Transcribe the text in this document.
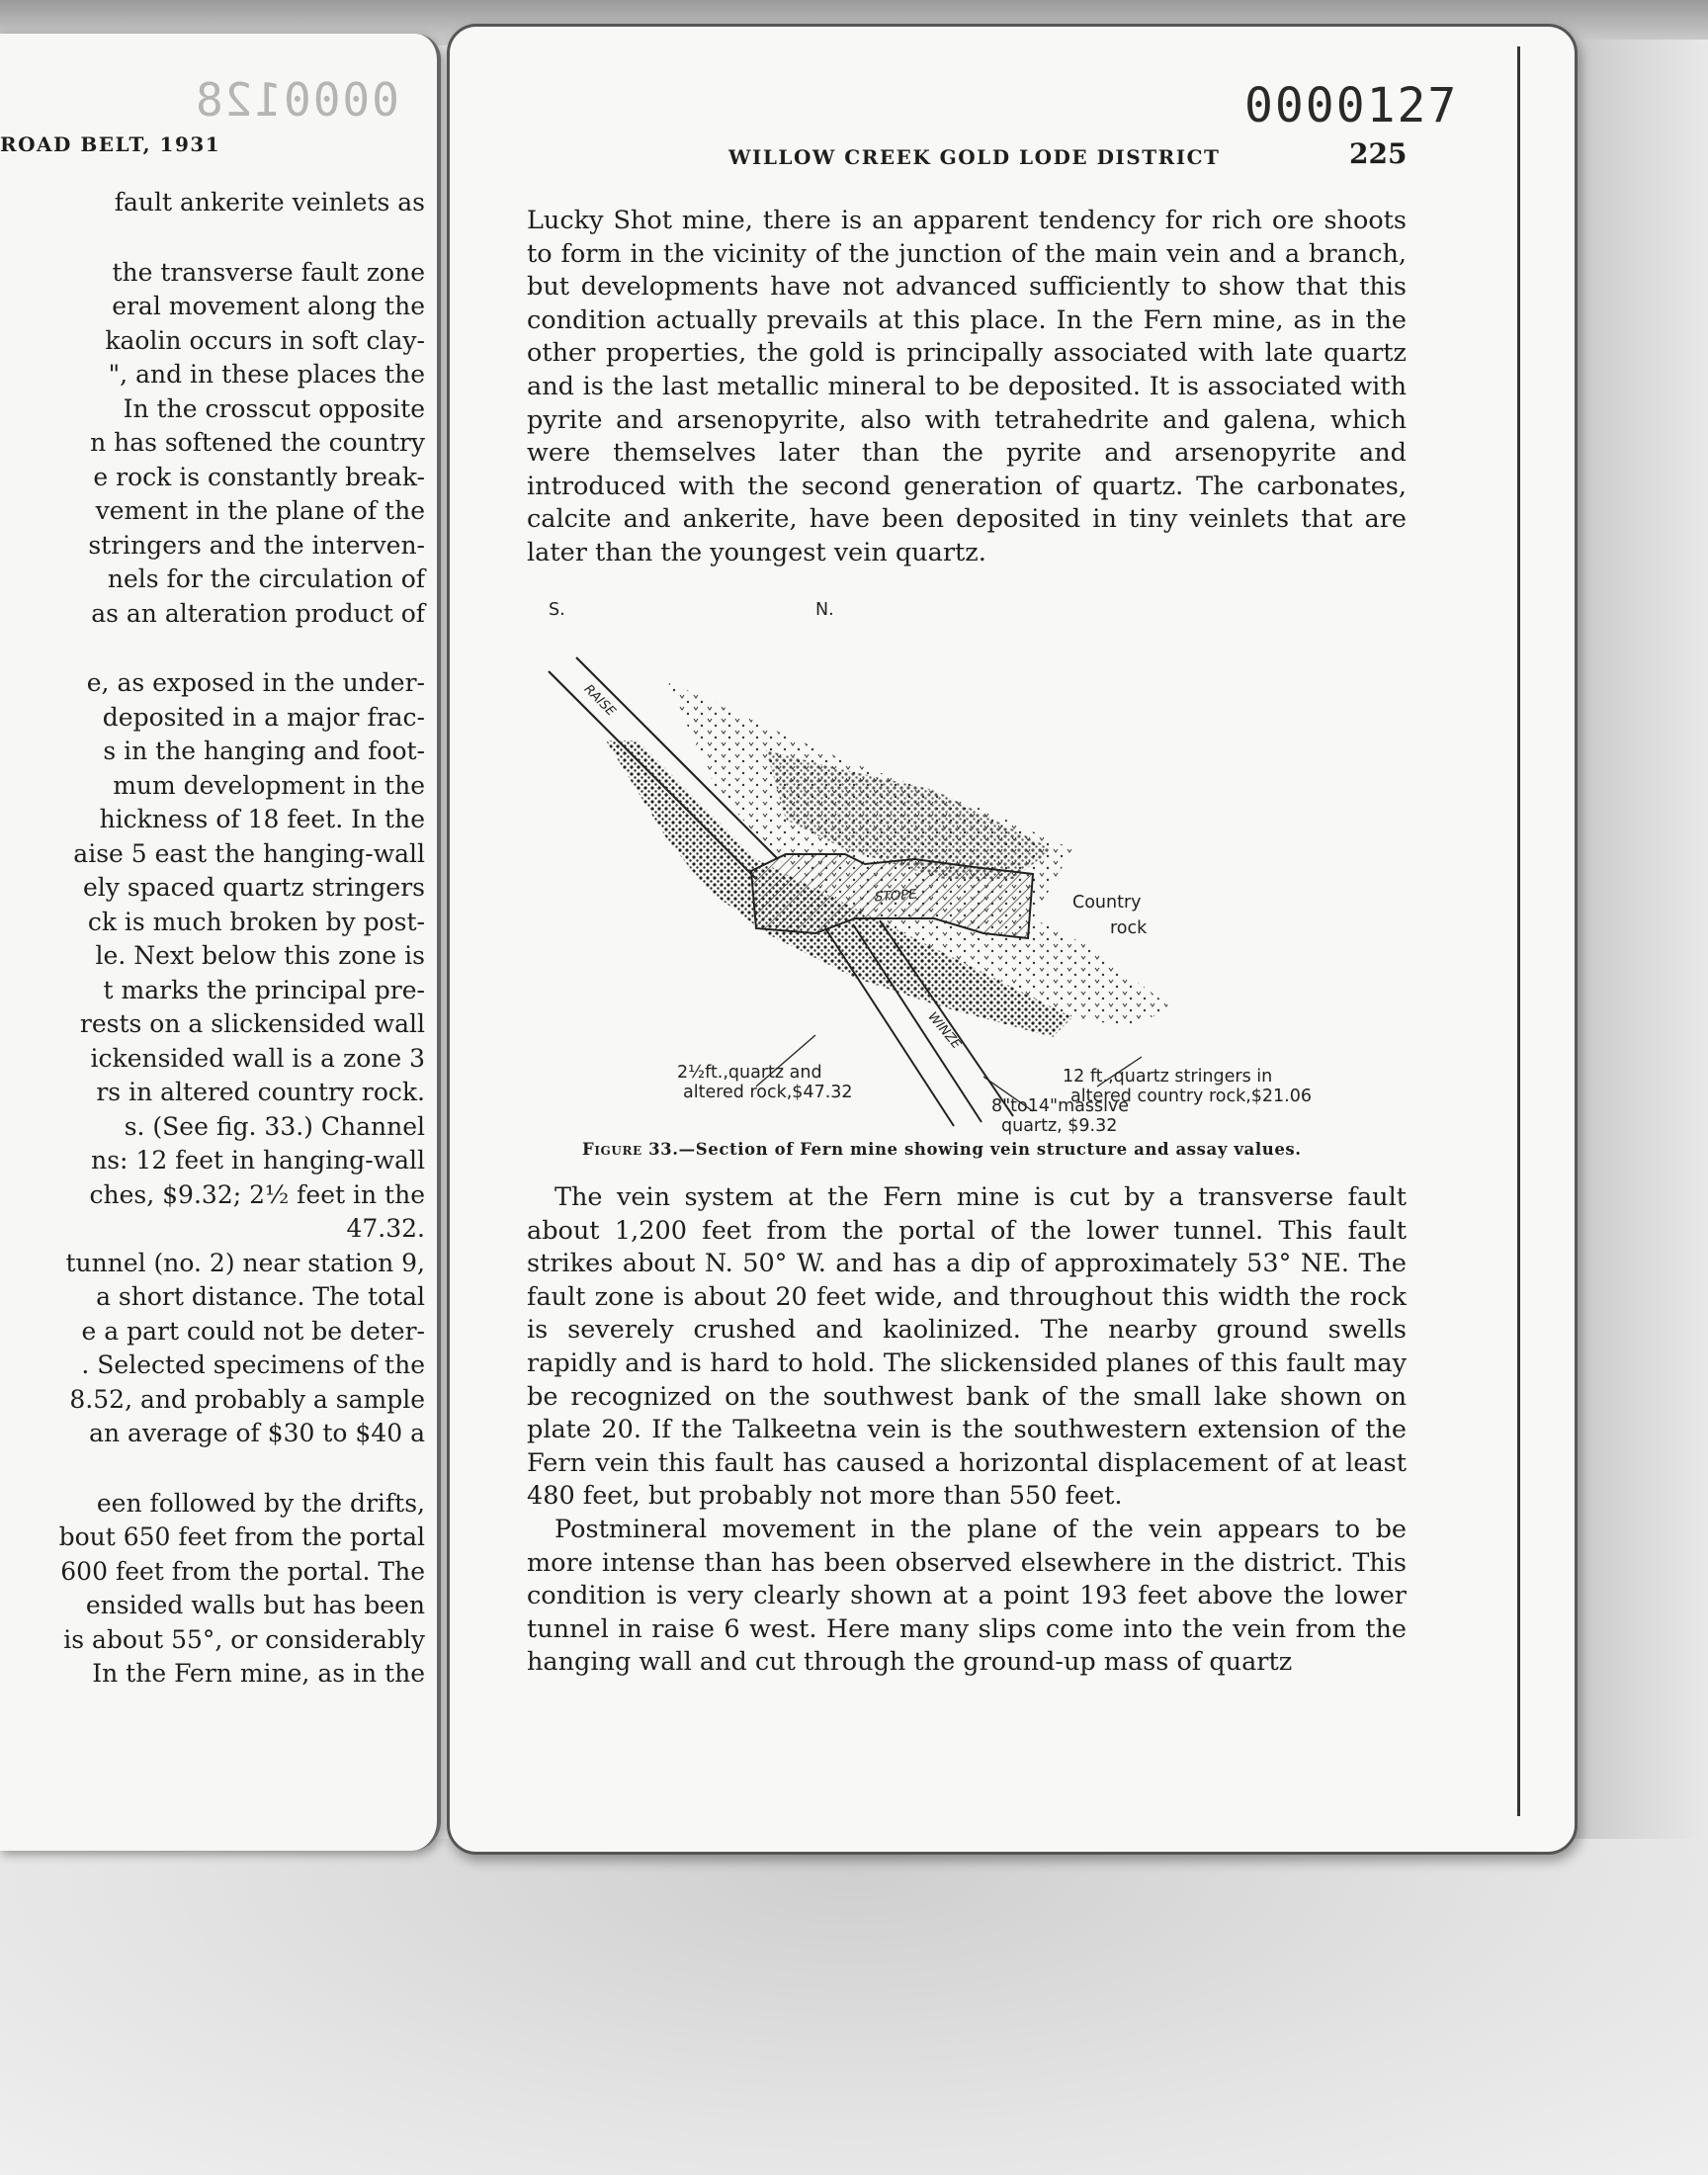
0000128
ROAD BELT, 1931
fault ankerite veinlets as
the transverse fault zone
eral movement along the
kaolin occurs in soft clay-
", and in these places the
In the crosscut opposite
n has softened the country
e rock is constantly break-
vement in the plane of the
stringers and the interven-
nels for the circulation of
as an alteration product of
e, as exposed in the under-
deposited in a major frac-
s in the hanging and foot-
mum development in the
hickness of 18 feet. In the
aise 5 east the hanging-wall
ely spaced quartz stringers
ck is much broken by post-
le. Next below this zone is
t marks the principal pre-
rests on a slickensided wall
ickensided wall is a zone 3
rs in altered country rock.
s. (See fig. 33.) Channel
ns: 12 feet in hanging-wall
ches, $9.32; 2½ feet in the
47.32.
tunnel (no. 2) near station 9,
a short distance. The total
e a part could not be deter-
. Selected specimens of the
8.52, and probably a sample
an average of $30 to $40 a
een followed by the drifts,
bout 650 feet from the portal
600 feet from the portal. The
ensided walls but has been
is about 55°, or considerably
In the Fern mine, as in the
0000127
WILLOW CREEK GOLD LODE DISTRICT	225

Lucky Shot mine, there is an apparent tendency for rich ore shoots to form in the vicinity of the junction of the main vein and a branch, but developments have not advanced sufficiently to show that this condition actually prevails at this place. In the Fern mine, as in the other properties, the gold is principally associated with late quartz and is the last metallic mineral to be deposited. It is associated with pyrite and arsenopyrite, also with tetrahedrite and galena, which were themselves later than the pyrite and arsenopyrite and introduced with the second generation of quartz. The carbonates, calcite and ankerite, have been deposited in tiny veinlets that are later than the youngest vein quartz.

S.	N.
RAISE
STOPE
WINZE
Country
rock
2½ft.,quartz and
altered rock,$47.32
12 ft.,quartz stringers in
altered country rock,$21.06
8"to14"massive
quartz, $9.32
Figure 33.—Section of Fern mine showing vein structure and assay values.

The vein system at the Fern mine is cut by a transverse fault about 1,200 feet from the portal of the lower tunnel. This fault strikes about N. 50° W. and has a dip of approximately 53° NE. The fault zone is about 20 feet wide, and throughout this width the rock is severely crushed and kaolinized. The nearby ground swells rapidly and is hard to hold. The slickensided planes of this fault may be recognized on the southwest bank of the small lake shown on plate 20. If the Talkeetna vein is the southwestern extension of the Fern vein this fault has caused a horizontal displacement of at least 480 feet, but probably not more than 550 feet.

Postmineral movement in the plane of the vein appears to be more intense than has been observed elsewhere in the district. This condition is very clearly shown at a point 193 feet above the lower tunnel in raise 6 west. Here many slips come into the vein from the hanging wall and cut through the ground-up mass of quartz
